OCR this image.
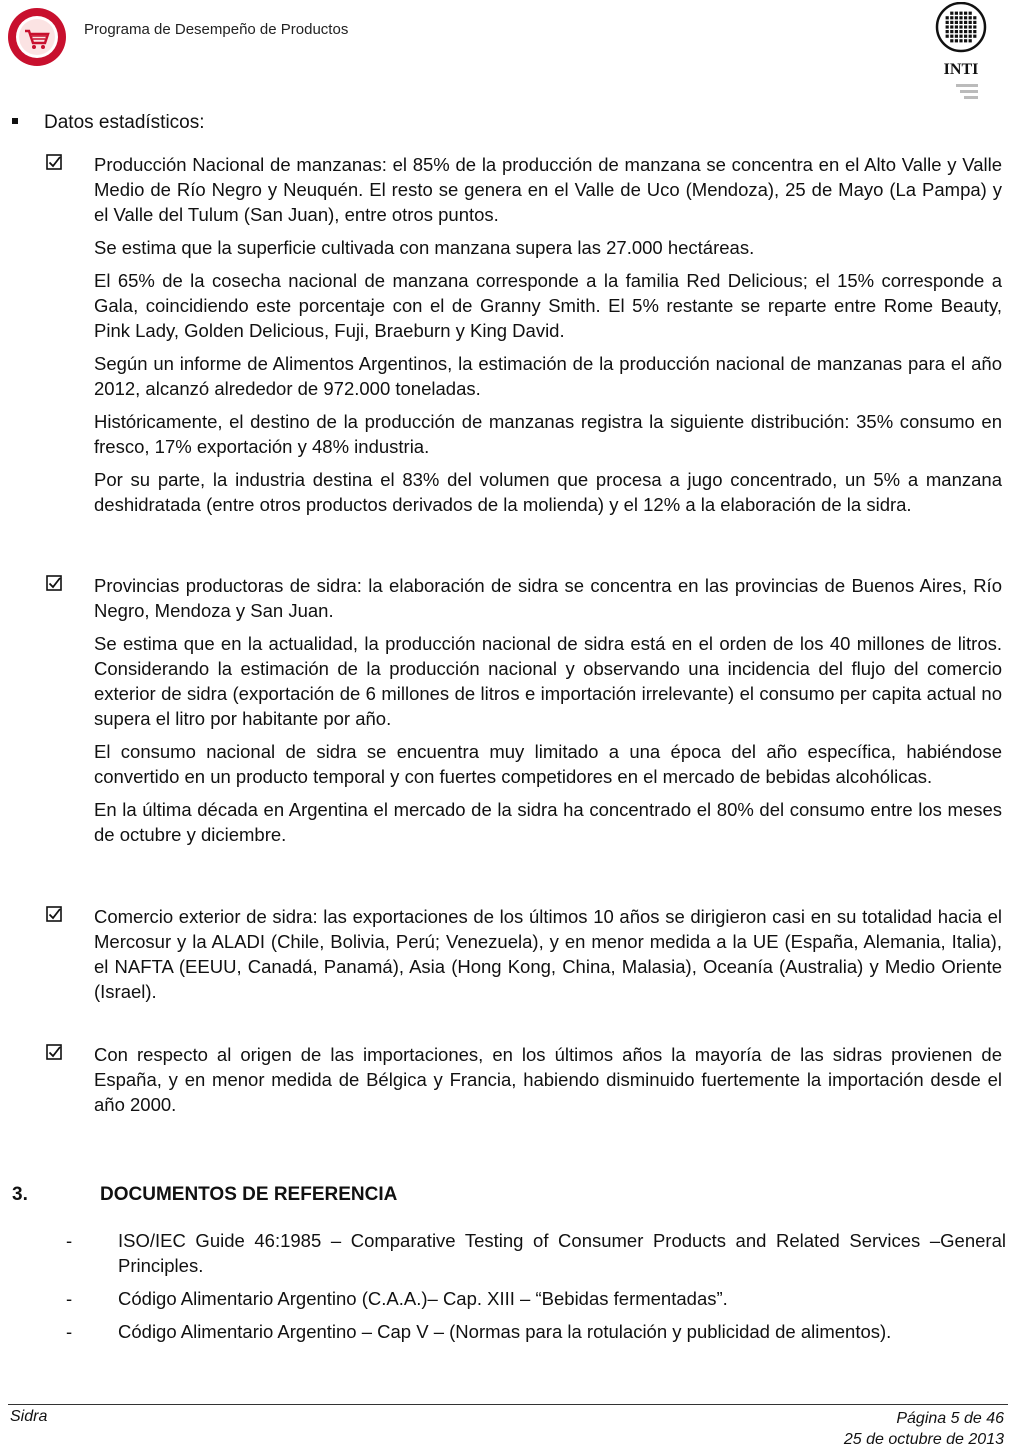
Programa de Desempeño de Productos
INTI
Datos estadísticos:

Producción Nacional de manzanas: el 85% de la producción de manzana se concentra en el Alto Valle y Valle Medio de Río Negro y Neuquén. El resto se genera en el Valle de Uco (Mendoza), 25 de Mayo (La Pampa) y el Valle del Tulum (San Juan), entre otros puntos.

Se estima que la superficie cultivada con manzana supera las 27.000 hectáreas.

El 65% de la cosecha nacional de manzana corresponde a la familia Red Delicious; el 15% corresponde a Gala, coincidiendo este porcentaje con el de Granny Smith. El 5% restante se reparte entre Rome Beauty, Pink Lady, Golden Delicious, Fuji, Braeburn y King David.

Según un informe de Alimentos Argentinos, la estimación de la producción nacional de manzanas para el año 2012, alcanzó alrededor de 972.000 toneladas.

Históricamente, el destino de la producción de manzanas registra la siguiente distribución: 35% consumo en fresco, 17% exportación y 48% industria.

Por su parte, la industria destina el 83% del volumen que procesa a jugo concentrado, un 5% a manzana deshidratada (entre otros productos derivados de la molienda) y el 12% a la elaboración de la sidra.

Provincias productoras de sidra: la elaboración de sidra se concentra en las provincias de Buenos Aires, Río Negro, Mendoza y San Juan.

Se estima que en la actualidad, la producción nacional de sidra está en el orden de los 40 millones de litros. Considerando la estimación de la producción nacional y observando una incidencia del flujo del comercio exterior de sidra (exportación de 6 millones de litros e importación irrelevante) el consumo per capita actual no supera el litro por habitante por año.

El consumo nacional de sidra se encuentra muy limitado a una época del año específica, habiéndose convertido en un producto temporal y con fuertes competidores en el mercado de bebidas alcohólicas.

En la última década en Argentina el mercado de la sidra ha concentrado el 80% del consumo entre los meses de octubre y diciembre.

Comercio exterior de sidra: las exportaciones de los últimos 10 años se dirigieron casi en su totalidad hacia el Mercosur y la ALADI (Chile, Bolivia, Perú; Venezuela), y en menor medida a la UE (España, Alemania, Italia), el NAFTA (EEUU, Canadá, Panamá), Asia (Hong Kong, China, Malasia), Oceanía (Australia) y Medio Oriente (Israel).

Con respecto al origen de las importaciones, en los últimos años la mayoría de las sidras provienen de España, y en menor medida de Bélgica y Francia, habiendo disminuido fuertemente la importación desde el año 2000.

3.	DOCUMENTOS DE REFERENCIA
-	ISO/IEC Guide 46:1985 – Comparative Testing of Consumer Products and Related Services –General Principles.
-	Código Alimentario Argentino (C.A.A.)– Cap. XIII – “Bebidas fermentadas”.
-	Código Alimentario Argentino – Cap V – (Normas para la rotulación y publicidad de alimentos).
Sidra	Página 5 de 46
25 de octubre de 2013
